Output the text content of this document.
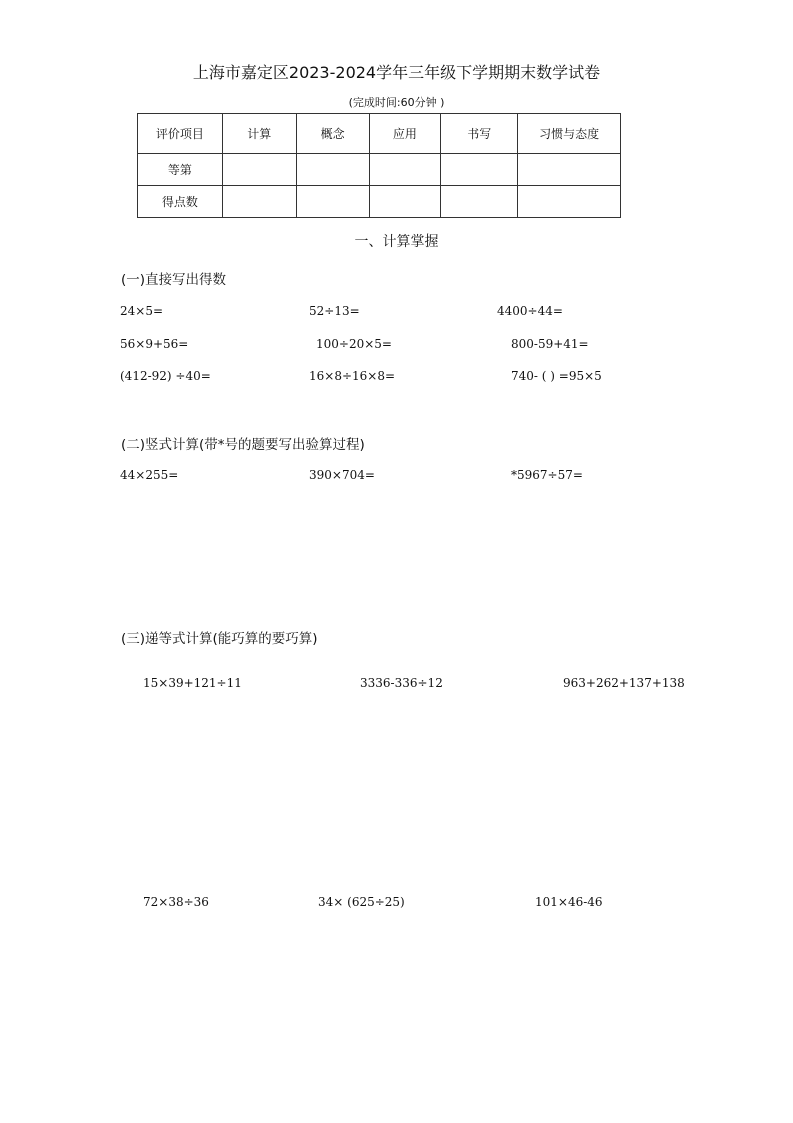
上海市嘉定区2023-2024学年三年级下学期期末数学试卷
(完成时间:60分钟 )
评价项目	计算	概念	应用	书写	习惯与态度
等第					
得点数					
一、计算掌握
(一)直接写出得数
24×5=	52÷13=	4400÷44=
56×9+56=	100÷20×5=	800-59+41=
(412-92) ÷40=	16×8÷16×8=	740- ( ) =95×5
(二)竖式计算(带*号的题要写出验算过程)
44×255=	390×704=	*5967÷57=
(三)递等式计算(能巧算的要巧算)
15×39+121÷11	3336-336÷12	963+262+137+138
72×38÷36	34× (625÷25)	101×46-46
